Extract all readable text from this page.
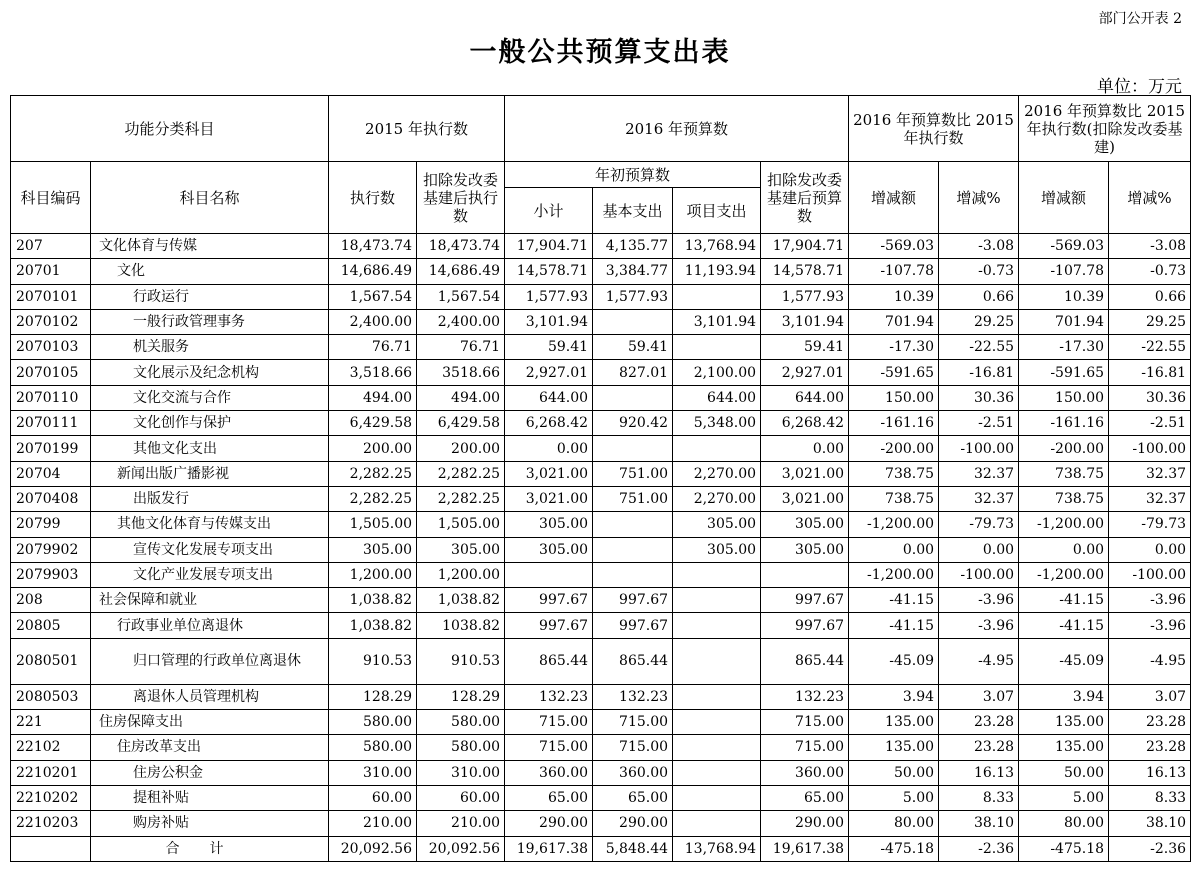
部门公开表 2
一般公共预算支出表
单位：万元
功能分类科目		2015 年执行数		2016 年预算数				2016 年预算数比 2015 年执行数		2016 年预算数比 2015 年执行数(扣除发改委基建)	
科目编码	科目名称	执行数	扣除发改委基建后执行数	年初预算数			扣除发改委基建后预算数	增减额	增减%	增减额	增减%
				小计	基本支出	项目支出					
207	文化体育与传媒	18,473.74	18,473.74	17,904.71	4,135.77	13,768.94	17,904.71	-569.03	-3.08	-569.03	-3.08
20701	文化	14,686.49	14,686.49	14,578.71	3,384.77	11,193.94	14,578.71	-107.78	-0.73	-107.78	-0.73
2070101	行政运行	1,567.54	1,567.54	1,577.93	1,577.93		1,577.93	10.39	0.66	10.39	0.66
2070102	一般行政管理事务	2,400.00	2,400.00	3,101.94		3,101.94	3,101.94	701.94	29.25	701.94	29.25
2070103	机关服务	76.71	76.71	59.41	59.41		59.41	-17.30	-22.55	-17.30	-22.55
2070105	文化展示及纪念机构	3,518.66	3518.66	2,927.01	827.01	2,100.00	2,927.01	-591.65	-16.81	-591.65	-16.81
2070110	文化交流与合作	494.00	494.00	644.00		644.00	644.00	150.00	30.36	150.00	30.36
2070111	文化创作与保护	6,429.58	6,429.58	6,268.42	920.42	5,348.00	6,268.42	-161.16	-2.51	-161.16	-2.51
2070199	其他文化支出	200.00	200.00	0.00			0.00	-200.00	-100.00	-200.00	-100.00
20704	新闻出版广播影视	2,282.25	2,282.25	3,021.00	751.00	2,270.00	3,021.00	738.75	32.37	738.75	32.37
2070408	出版发行	2,282.25	2,282.25	3,021.00	751.00	2,270.00	3,021.00	738.75	32.37	738.75	32.37
20799	其他文化体育与传媒支出	1,505.00	1,505.00	305.00		305.00	305.00	-1,200.00	-79.73	-1,200.00	-79.73
2079902	宣传文化发展专项支出	305.00	305.00	305.00		305.00	305.00	0.00	0.00	0.00	0.00
2079903	文化产业发展专项支出	1,200.00	1,200.00					-1,200.00	-100.00	-1,200.00	-100.00
208	社会保障和就业	1,038.82	1,038.82	997.67	997.67		997.67	-41.15	-3.96	-41.15	-3.96
20805	行政事业单位离退休	1,038.82	1038.82	997.67	997.67		997.67	-41.15	-3.96	-41.15	-3.96
2080501	归口管理的行政单位离退休	910.53	910.53	865.44	865.44		865.44	-45.09	-4.95	-45.09	-4.95
2080503	离退休人员管理机构	128.29	128.29	132.23	132.23		132.23	3.94	3.07	3.94	3.07
221	住房保障支出	580.00	580.00	715.00	715.00		715.00	135.00	23.28	135.00	23.28
22102	住房改革支出	580.00	580.00	715.00	715.00		715.00	135.00	23.28	135.00	23.28
2210201	住房公积金	310.00	310.00	360.00	360.00		360.00	50.00	16.13	50.00	16.13
2210202	提租补贴	60.00	60.00	65.00	65.00		65.00	5.00	8.33	5.00	8.33
2210203	购房补贴	210.00	210.00	290.00	290.00		290.00	80.00	38.10	80.00	38.10
	合计	20,092.56	20,092.56	19,617.38	5,848.44	13,768.94	19,617.38	-475.18	-2.36	-475.18	-2.36
